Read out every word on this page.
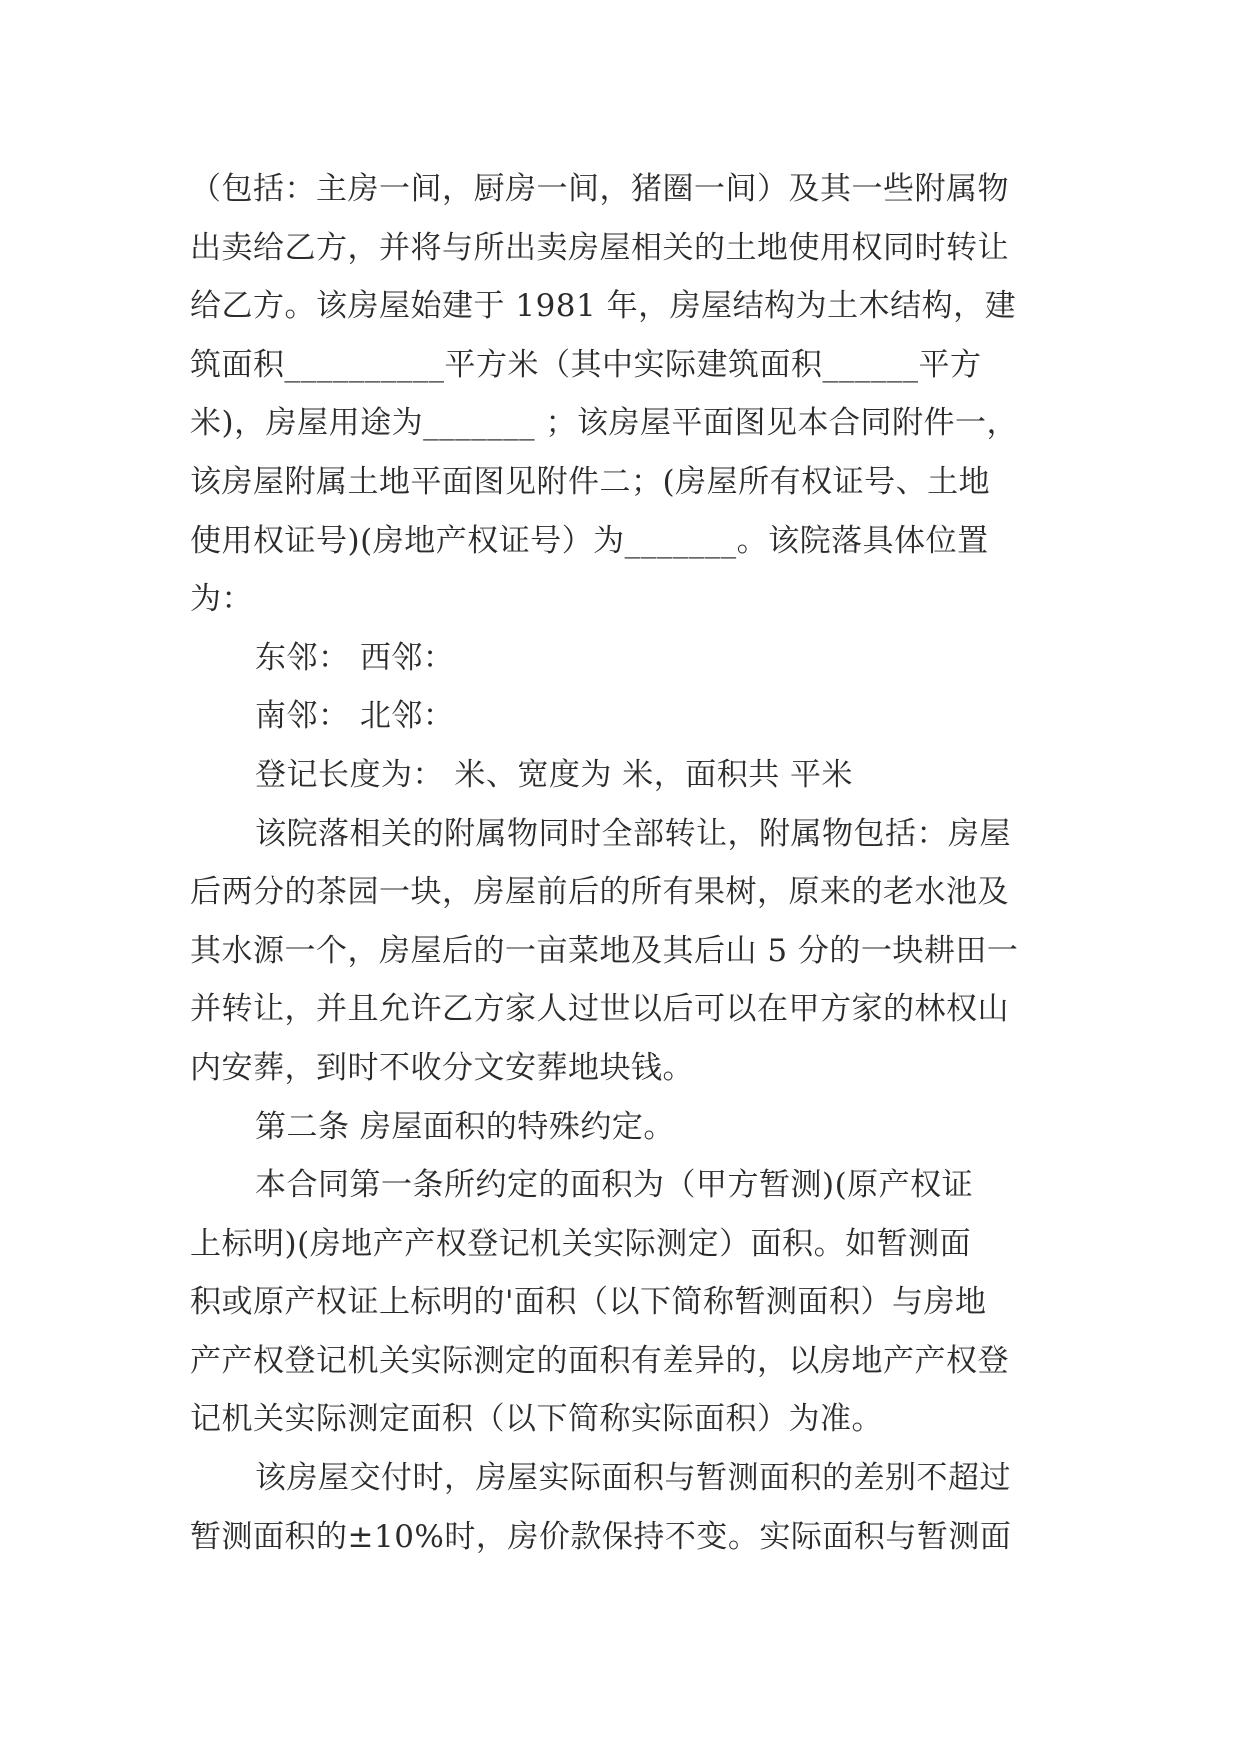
（包括：主房一间，厨房一间，猪圈一间）及其一些附属物
出卖给乙方，并将与所出卖房屋相关的土地使用权同时转让
给乙方。该房屋始建于 1981 年，房屋结构为土木结构，建
筑面积__________平方米（其中实际建筑面积______平方
米)，房屋用途为_______ ；该房屋平面图见本合同附件一，
该房屋附属土地平面图见附件二；(房屋所有权证号、土地
使用权证号)(房地产权证号）为_______。该院落具体位置
为：
东邻： 西邻：
南邻： 北邻：
登记长度为： 米、宽度为 米，面积共 平米
该院落相关的附属物同时全部转让，附属物包括：房屋
后两分的茶园一块，房屋前后的所有果树，原来的老水池及
其水源一个，房屋后的一亩菜地及其后山 5 分的一块耕田一
并转让，并且允许乙方家人过世以后可以在甲方家的林权山
内安葬，到时不收分文安葬地块钱。
第二条 房屋面积的特殊约定。
本合同第一条所约定的面积为（甲方暂测)(原产权证
上标明)(房地产产权登记机关实际测定）面积。如暂测面
积或原产权证上标明的'面积（以下简称暂测面积）与房地
产产权登记机关实际测定的面积有差异的，以房地产产权登
记机关实际测定面积（以下简称实际面积）为准。
该房屋交付时，房屋实际面积与暂测面积的差别不超过
暂测面积的±10%时，房价款保持不变。实际面积与暂测面
